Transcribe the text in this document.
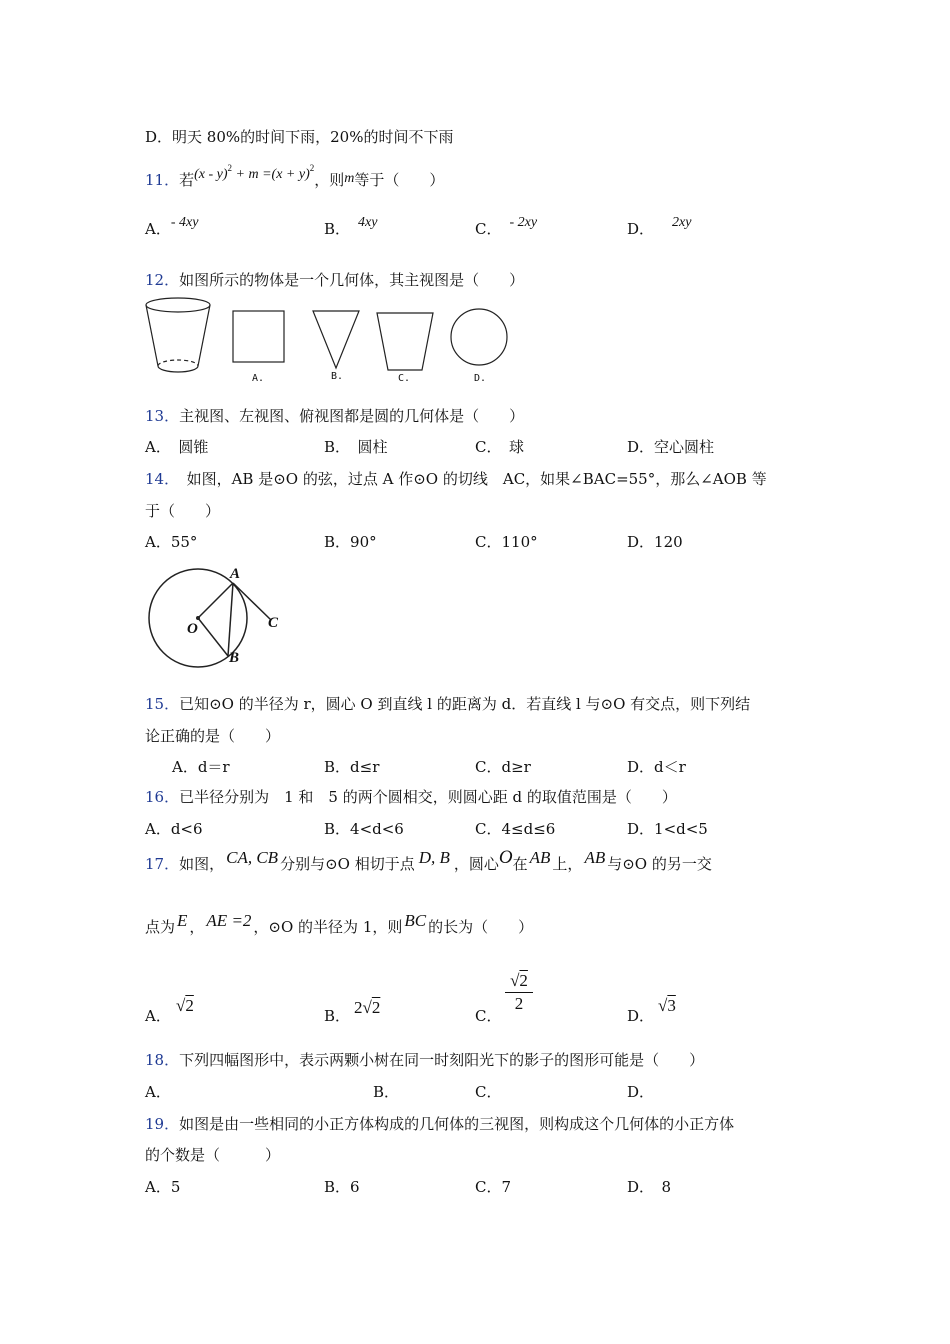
D．明天 80%的时间下雨，20%的时间不下雨
11．若$(x - y)^2 + m =(x + y)^2$，则m等于（　　）
A．- 4xy	B． 4xy	C． - 2xy	D． 2xy
12．如图所示的物体是一个几何体，其主视图是（　　）
A.	B.	C.	D.
13．主视图、左视图、俯视图都是圆的几何体是（　　）
A．　圆锥	B．　圆柱	C．　球	D．空心圆柱
14．　如图，AB 是⊙O 的弦，过点 A 作⊙O 的切线　AC，如果∠BAC=55°，那么∠AOB 等
于（　　）
A．55°	B．90°	C．110°	D．120
A
O
B
C
15．已知⊙O 的半径为 r，圆心 O 到直线 l 的距离为 d．若直线 l 与⊙O 有交点，则下列结
论正确的是（　　）
A．d＝r	B．d≤r	C．d≥r	D．d＜r
16．已半径分别为　1 和　5 的两个圆相交，则圆心距 d 的取值范围是（　　）
A．d<6	B．4<d<6	C．4≤d≤6	D．1<d<5
17．如图， CA, CB 分别与⊙O 相切于点 D, B ，圆心O在 AB 上， AB 与⊙O 的另一交
点为 E ， AE =2 ，⊙O 的半径为 1，则 BC 的长为（　　）
A．
√2
B． 2√2	C．
√2
2
D．
√3
18．下列四幅图形中，表示两颗小树在同一时刻阳光下的影子的图形可能是（　　）
A．	B．	C．	D．
19．如图是由一些相同的小正方体构成的几何体的三视图，则构成这个几何体的小正方体
的个数是（　　　）
A．5	B．6	C．7	D．　8
